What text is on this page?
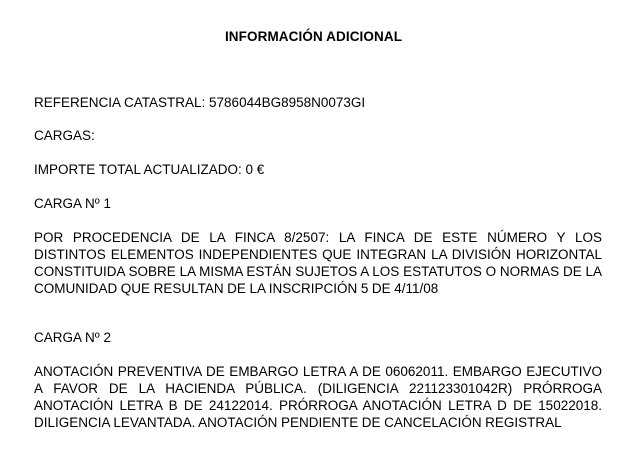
INFORMACIÓN ADICIONAL
REFERENCIA CATASTRAL: 5786044BG8958N0073GI
CARGAS:
IMPORTE TOTAL ACTUALIZADO: 0 €
CARGA Nº 1
POR PROCEDENCIA DE LA FINCA 8/2507: LA FINCA DE ESTE NÚMERO Y LOS DISTINTOS ELEMENTOS INDEPENDIENTES QUE INTEGRAN LA DIVISIÓN HORIZONTAL CONSTITUIDA SOBRE LA MISMA ESTÁN SUJETOS A LOS ESTATUTOS O NORMAS DE LA COMUNIDAD QUE RESULTAN DE LA INSCRIPCIÓN 5 DE 4/11/08
CARGA Nº 2
ANOTACIÓN PREVENTIVA DE EMBARGO LETRA A DE 06062011. EMBARGO EJECUTIVO A FAVOR DE LA HACIENDA PÚBLICA. (DILIGENCIA 221123301042R) PRÓRROGA ANOTACIÓN LETRA B DE 24122014. PRÓRROGA ANOTACIÓN LETRA D DE 15022018. DILIGENCIA LEVANTADA. ANOTACIÓN PENDIENTE DE CANCELACIÓN REGISTRAL
